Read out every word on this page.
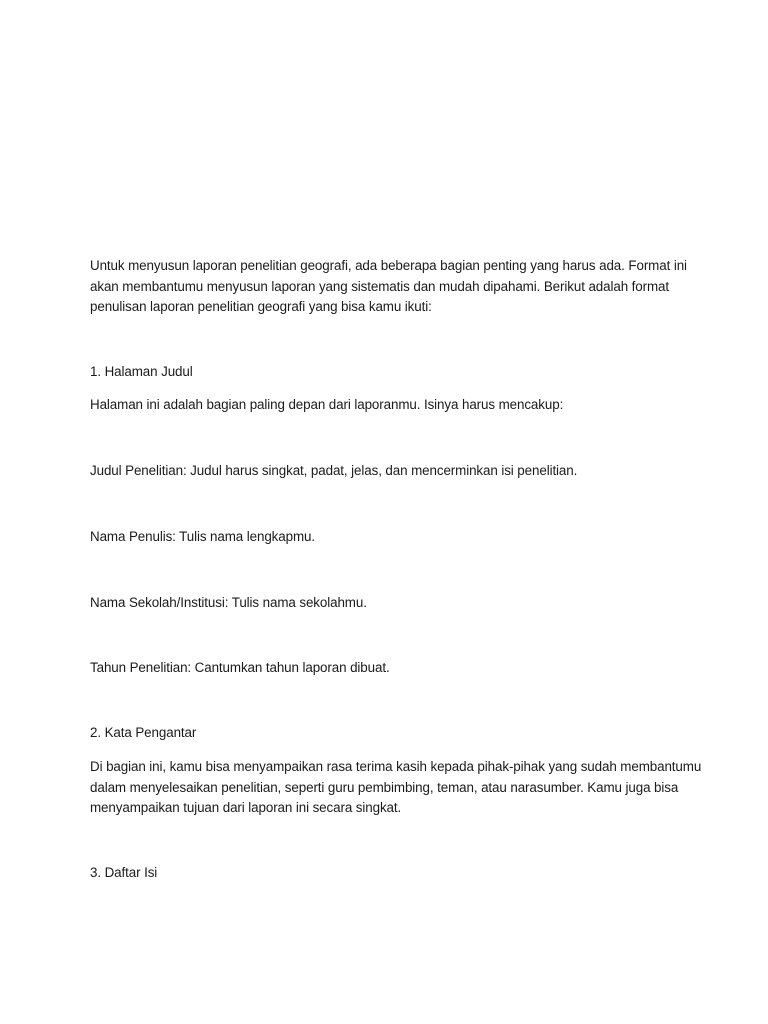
Untuk menyusun laporan penelitian geografi, ada beberapa bagian penting yang harus ada. Format ini
akan membantumu menyusun laporan yang sistematis dan mudah dipahami. Berikut adalah format
penulisan laporan penelitian geografi yang bisa kamu ikuti:

1. Halaman Judul

Halaman ini adalah bagian paling depan dari laporanmu. Isinya harus mencakup:

Judul Penelitian: Judul harus singkat, padat, jelas, dan mencerminkan isi penelitian.

Nama Penulis: Tulis nama lengkapmu.

Nama Sekolah/Institusi: Tulis nama sekolahmu.

Tahun Penelitian: Cantumkan tahun laporan dibuat.

2. Kata Pengantar

Di bagian ini, kamu bisa menyampaikan rasa terima kasih kepada pihak-pihak yang sudah membantumu
dalam menyelesaikan penelitian, seperti guru pembimbing, teman, atau narasumber. Kamu juga bisa
menyampaikan tujuan dari laporan ini secara singkat.

3. Daftar Isi
